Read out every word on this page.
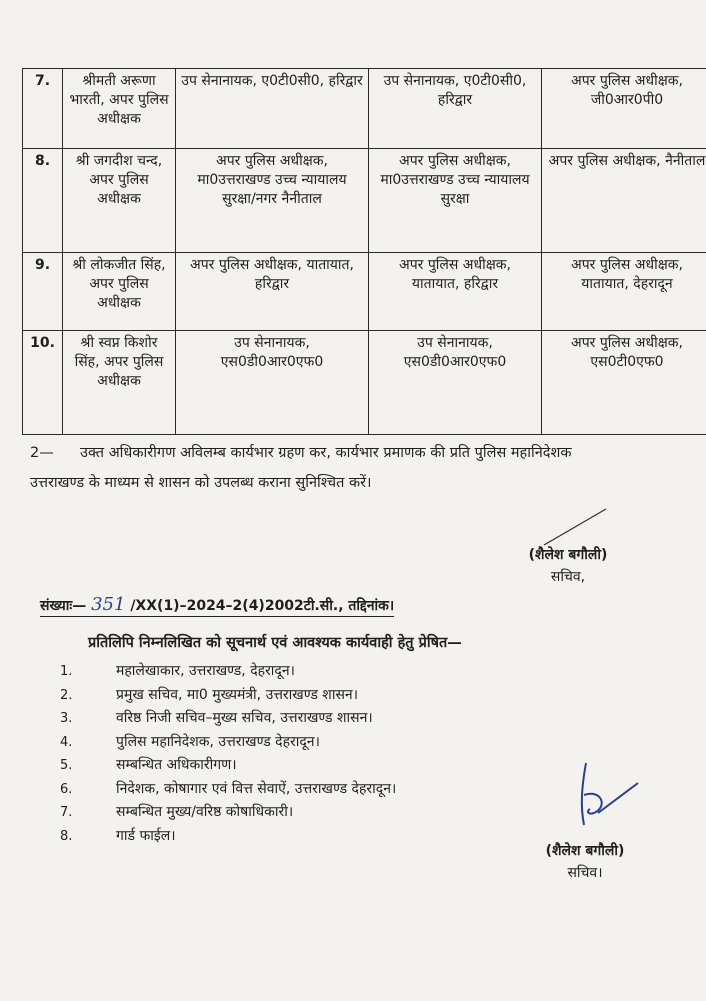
7.	श्रीमती अरूणा भारती, अपर पुलिस अधीक्षक	उप सेनानायक, ए0टी0सी0, हरिद्वार	उप सेनानायक, ए0टी0सी0, हरिद्वार	अपर पुलिस अधीक्षक, जी0आर0पी0
8.	श्री जगदीश चन्द, अपर पुलिस अधीक्षक	अपर पुलिस अधीक्षक, मा0उत्तराखण्ड उच्च न्यायालय सुरक्षा/नगर नैनीताल	अपर पुलिस अधीक्षक, मा0उत्तराखण्ड उच्च न्यायालय सुरक्षा	अपर पुलिस अधीक्षक, नैनीताल
9.	श्री लोकजीत सिंह, अपर पुलिस अधीक्षक	अपर पुलिस अधीक्षक, यातायात, हरिद्वार	अपर पुलिस अधीक्षक, यातायात, हरिद्वार	अपर पुलिस अधीक्षक, यातायात, देहरादून
10.	श्री स्वप्न किशोर सिंह, अपर पुलिस अधीक्षक	उप सेनानायक, एस0डी0आर0एफ0	उप सेनानायक, एस0डी0आर0एफ0	अपर पुलिस अधीक्षक, एस0टी0एफ0
2— उक्त अधिकारीगण अविलम्ब कार्यभार ग्रहण कर, कार्यभार प्रमाणक की प्रति पुलिस महानिदेशक
उत्तराखण्ड के माध्यम से शासन को उपलब्ध कराना सुनिश्चित करें।
(शैलेश बगौली)
सचिव,
संख्याः— 351 /XX(1)–2024–2(4)2002टी.सी., तद्दिनांक।
प्रतिलिपि निम्नलिखित को सूचनार्थ एवं आवश्यक कार्यवाही हेतु प्रेषित—
1.	महालेखाकार, उत्तराखण्ड, देहरादून।
2.	प्रमुख सचिव, मा0 मुख्यमंत्री, उत्तराखण्ड शासन।
3.	वरिष्ठ निजी सचिव–मुख्य सचिव, उत्तराखण्ड शासन।
4.	पुलिस महानिदेशक, उत्तराखण्ड देहरादून।
5.	सम्बन्धित अधिकारीगण।
6.	निदेशक, कोषागार एवं वित्त सेवाऐं, उत्तराखण्ड देहरादून।
7.	सम्बन्धित मुख्य/वरिष्ठ कोषाधिकारी।
8.	गार्ड फाईल।
(शैलेश बगौली)
सचिव।
